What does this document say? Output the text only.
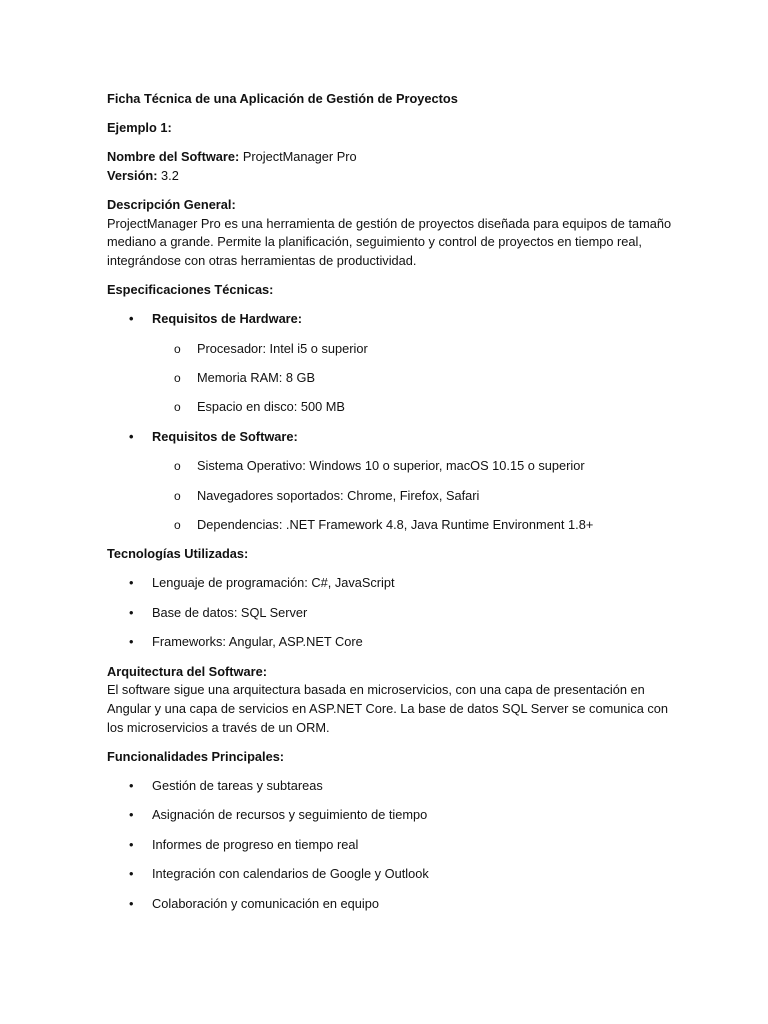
Ficha Técnica de una Aplicación de Gestión de Proyectos

Ejemplo 1:

Nombre del Software: ProjectManager Pro

Versión: 3.2

Descripción General:

ProjectManager Pro es una herramienta de gestión de proyectos diseñada para equipos de tamaño mediano a grande. Permite la planificación, seguimiento y control de proyectos en tiempo real, integrándose con otras herramientas de productividad.

Especificaciones Técnicas:

• Requisitos de Hardware:
o Procesador: Intel i5 o superior
o Memoria RAM: 8 GB
o Espacio en disco: 500 MB
• Requisitos de Software:
o Sistema Operativo: Windows 10 o superior, macOS 10.15 o superior
o Navegadores soportados: Chrome, Firefox, Safari
o Dependencias: .NET Framework 4.8, Java Runtime Environment 1.8+

Tecnologías Utilizadas:

• Lenguaje de programación: C#, JavaScript
• Base de datos: SQL Server
• Frameworks: Angular, ASP.NET Core

Arquitectura del Software:

El software sigue una arquitectura basada en microservicios, con una capa de presentación en Angular y una capa de servicios en ASP.NET Core. La base de datos SQL Server se comunica con los microservicios a través de un ORM.

Funcionalidades Principales:

• Gestión de tareas y subtareas
• Asignación de recursos y seguimiento de tiempo
• Informes de progreso en tiempo real
• Integración con calendarios de Google y Outlook
• Colaboración y comunicación en equipo
